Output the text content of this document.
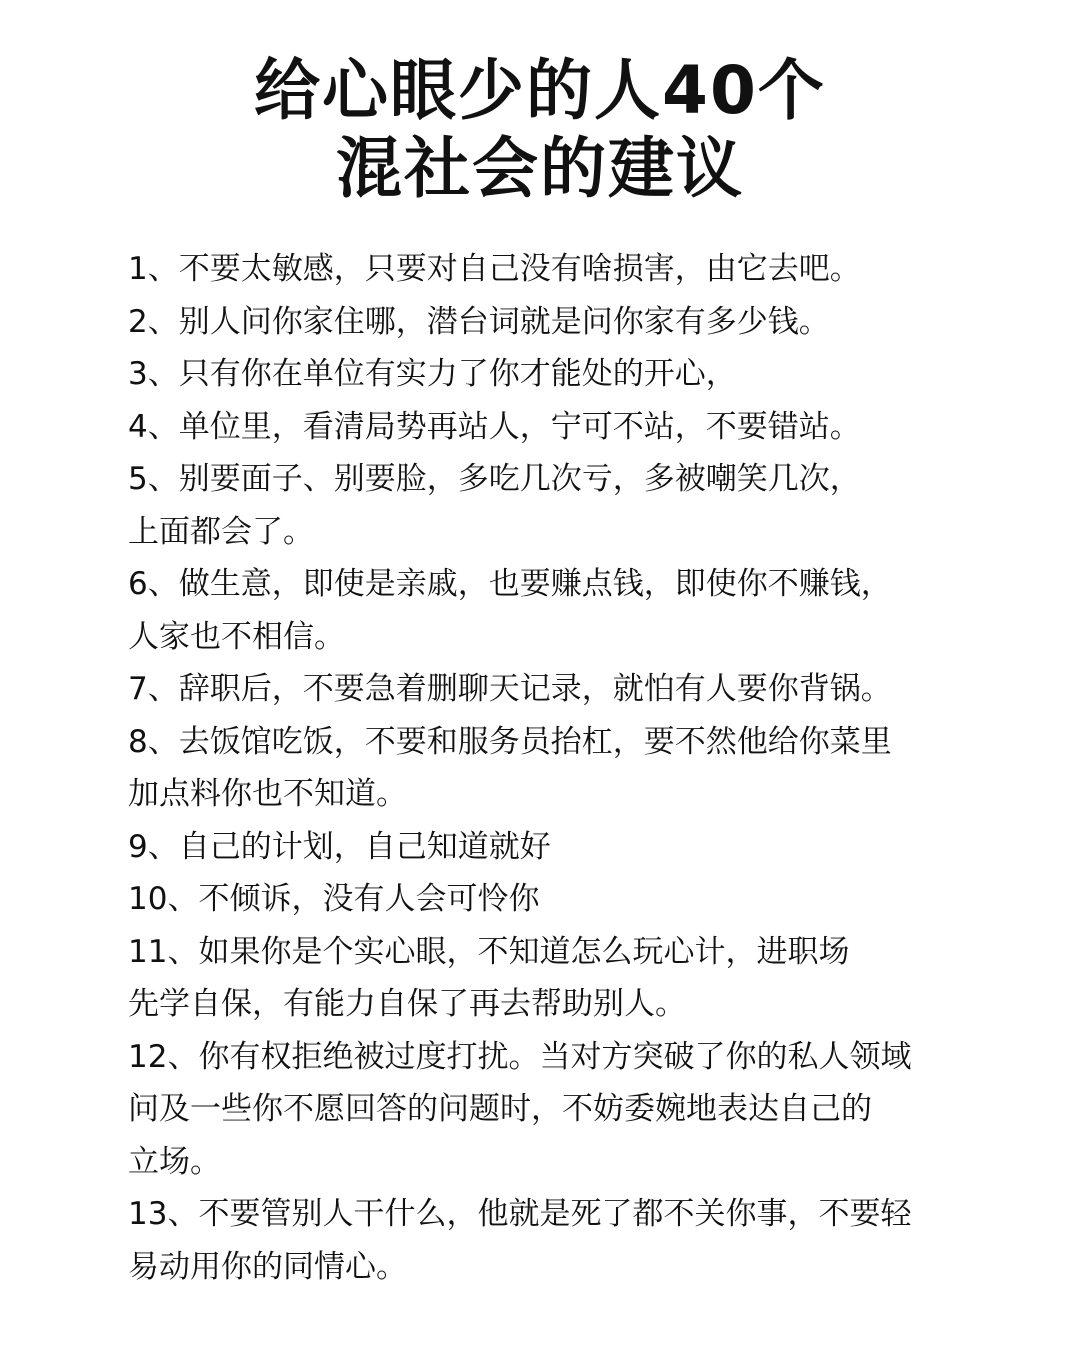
给心眼少的人40个
混社会的建议
1、不要太敏感，只要对自己没有啥损害，由它去吧。
2、别人问你家住哪，潜台词就是问你家有多少钱。
3、只有你在单位有实力了你才能处的开心，
4、单位里，看清局势再站人，宁可不站，不要错站。
5、别要面子、别要脸，多吃几次亏，多被嘲笑几次，
上面都会了。
6、做生意，即使是亲戚，也要赚点钱，即使你不赚钱，
人家也不相信。
7、辞职后，不要急着删聊天记录，就怕有人要你背锅。
8、去饭馆吃饭，不要和服务员抬杠，要不然他给你菜里
加点料你也不知道。
9、自己的计划，自己知道就好
10、不倾诉，没有人会可怜你
11、如果你是个实心眼，不知道怎么玩心计，进职场
先学自保，有能力自保了再去帮助别人。
12、你有权拒绝被过度打扰。当对方突破了你的私人领域
问及一些你不愿回答的问题时，不妨委婉地表达自己的
立场。
13、不要管别人干什么，他就是死了都不关你事，不要轻
易动用你的同情心。
